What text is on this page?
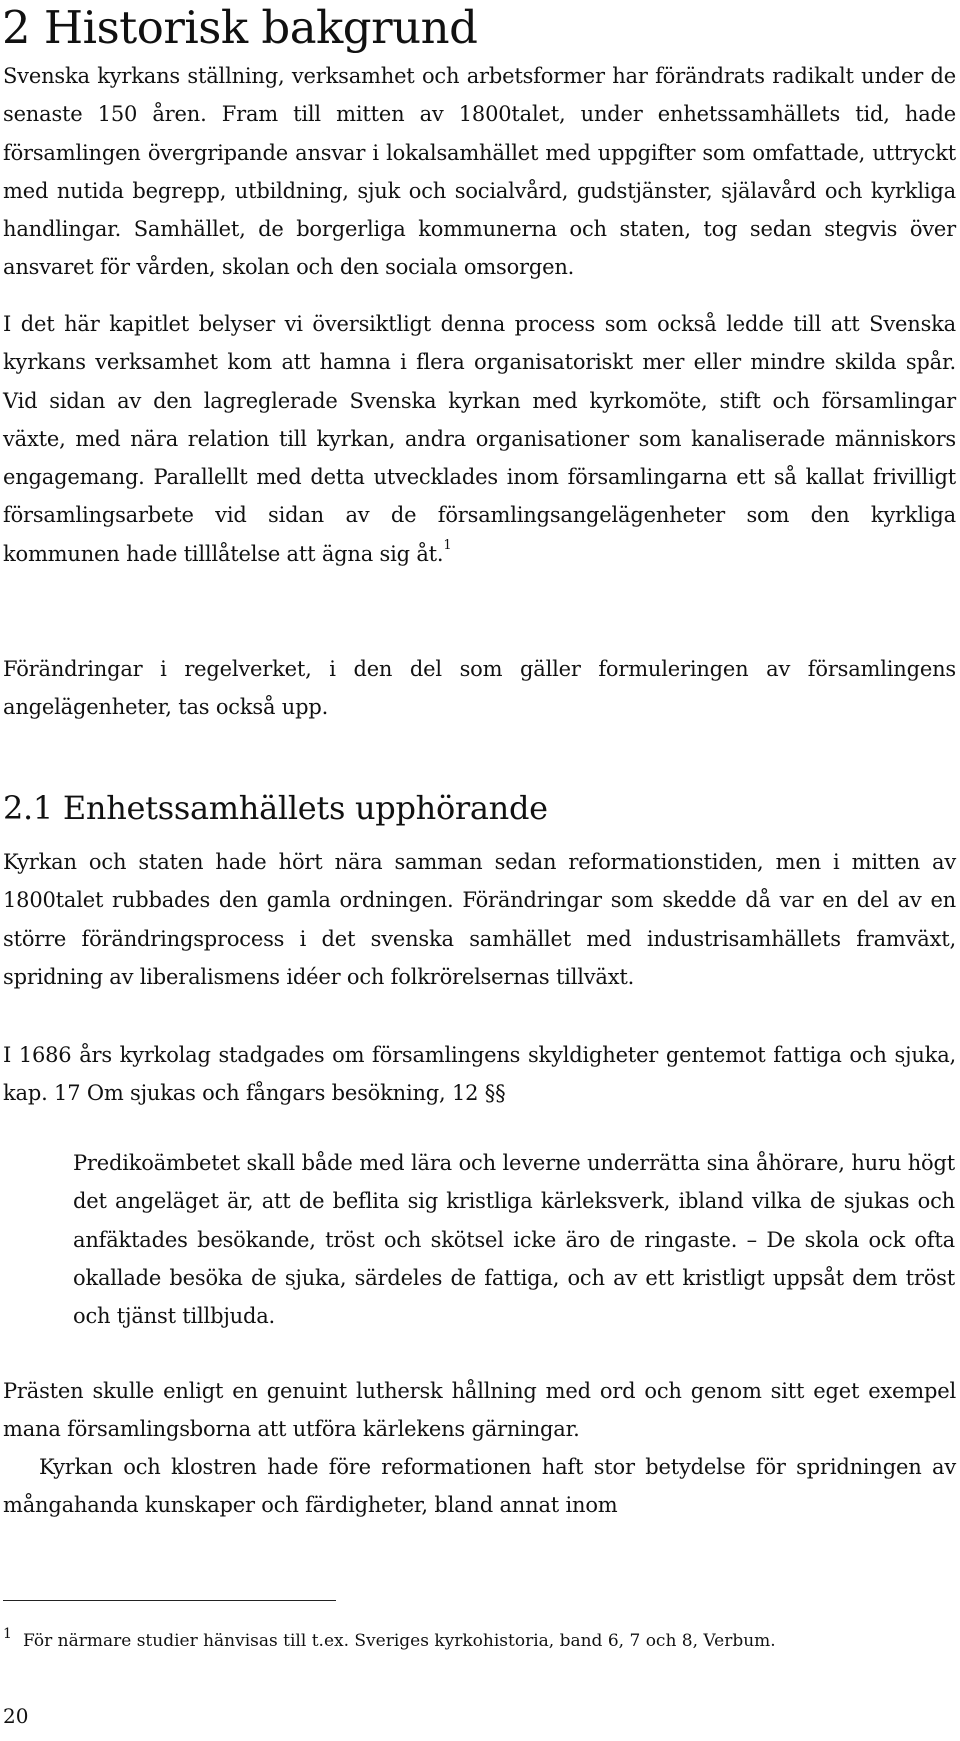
2 Historisk bakgrund

Svenska kyrkans ställning, verksamhet och arbetsformer har förändrats radikalt under de senaste 150 åren. Fram till mitten av 1800talet, under enhetssamhällets tid, hade församlingen övergripande ansvar i lokalsamhället med uppgifter som omfattade, uttryckt med nutida begrepp, utbildning, sjuk och socialvård, gudstjänster, själavård och kyrkliga handlingar. Samhället, de borgerliga kommunerna och staten, tog sedan stegvis över ansvaret för vården, skolan och den sociala omsorgen.

I det här kapitlet belyser vi översiktligt denna process som också ledde till att Svenska kyrkans verksamhet kom att hamna i flera organisatoriskt mer eller mindre skilda spår. Vid sidan av den lagreglerade Svenska kyrkan med kyrkomöte, stift och församlingar växte, med nära relation till kyrkan, andra organisationer som kanaliserade människors engagemang. Parallellt med detta utvecklades inom församlingarna ett så kallat frivilligt församlingsarbete vid sidan av de församlingsangelägenheter som den kyrkliga kommunen hade tilllåtelse att ägna sig åt.$^1$

Förändringar i regelverket, i den del som gäller formuleringen av församlingens angelägenheter, tas också upp.

2.1 Enhetssamhällets upphörande

Kyrkan och staten hade hört nära samman sedan reformationstiden, men i mitten av 1800talet rubbades den gamla ordningen. Förändringar som skedde då var en del av en större förändringsprocess i det svenska samhället med industrisamhällets framväxt, spridning av liberalismens idéer och folkrörelsernas tillväxt.

I 1686 års kyrkolag stadgades om församlingens skyldigheter gentemot fattiga och sjuka, kap. 17 Om sjukas och fångars besökning, 12 §§

Predikoämbetet skall både med lära och leverne underrätta sina åhörare, huru högt det angeläget är, att de beflita sig kristliga kärleksverk, ibland vilka de sjukas och anfäktades besökande, tröst och skötsel icke äro de ringaste. – De skola ock ofta okallade besöka de sjuka, särdeles de fattiga, och av ett kristligt uppsåt dem tröst och tjänst tillbjuda.

Prästen skulle enligt en genuint luthersk hållning med ord och genom sitt eget exempel mana församlingsborna att utföra kärlekens gärningar.

Kyrkan och klostren hade före reformationen haft stor betydelse för spridningen av mångahanda kunskaper och färdigheter, bland annat inom

1 För närmare studier hänvisas till t.ex. Sveriges kyrkohistoria, band 6, 7 och 8, Verbum.

20
